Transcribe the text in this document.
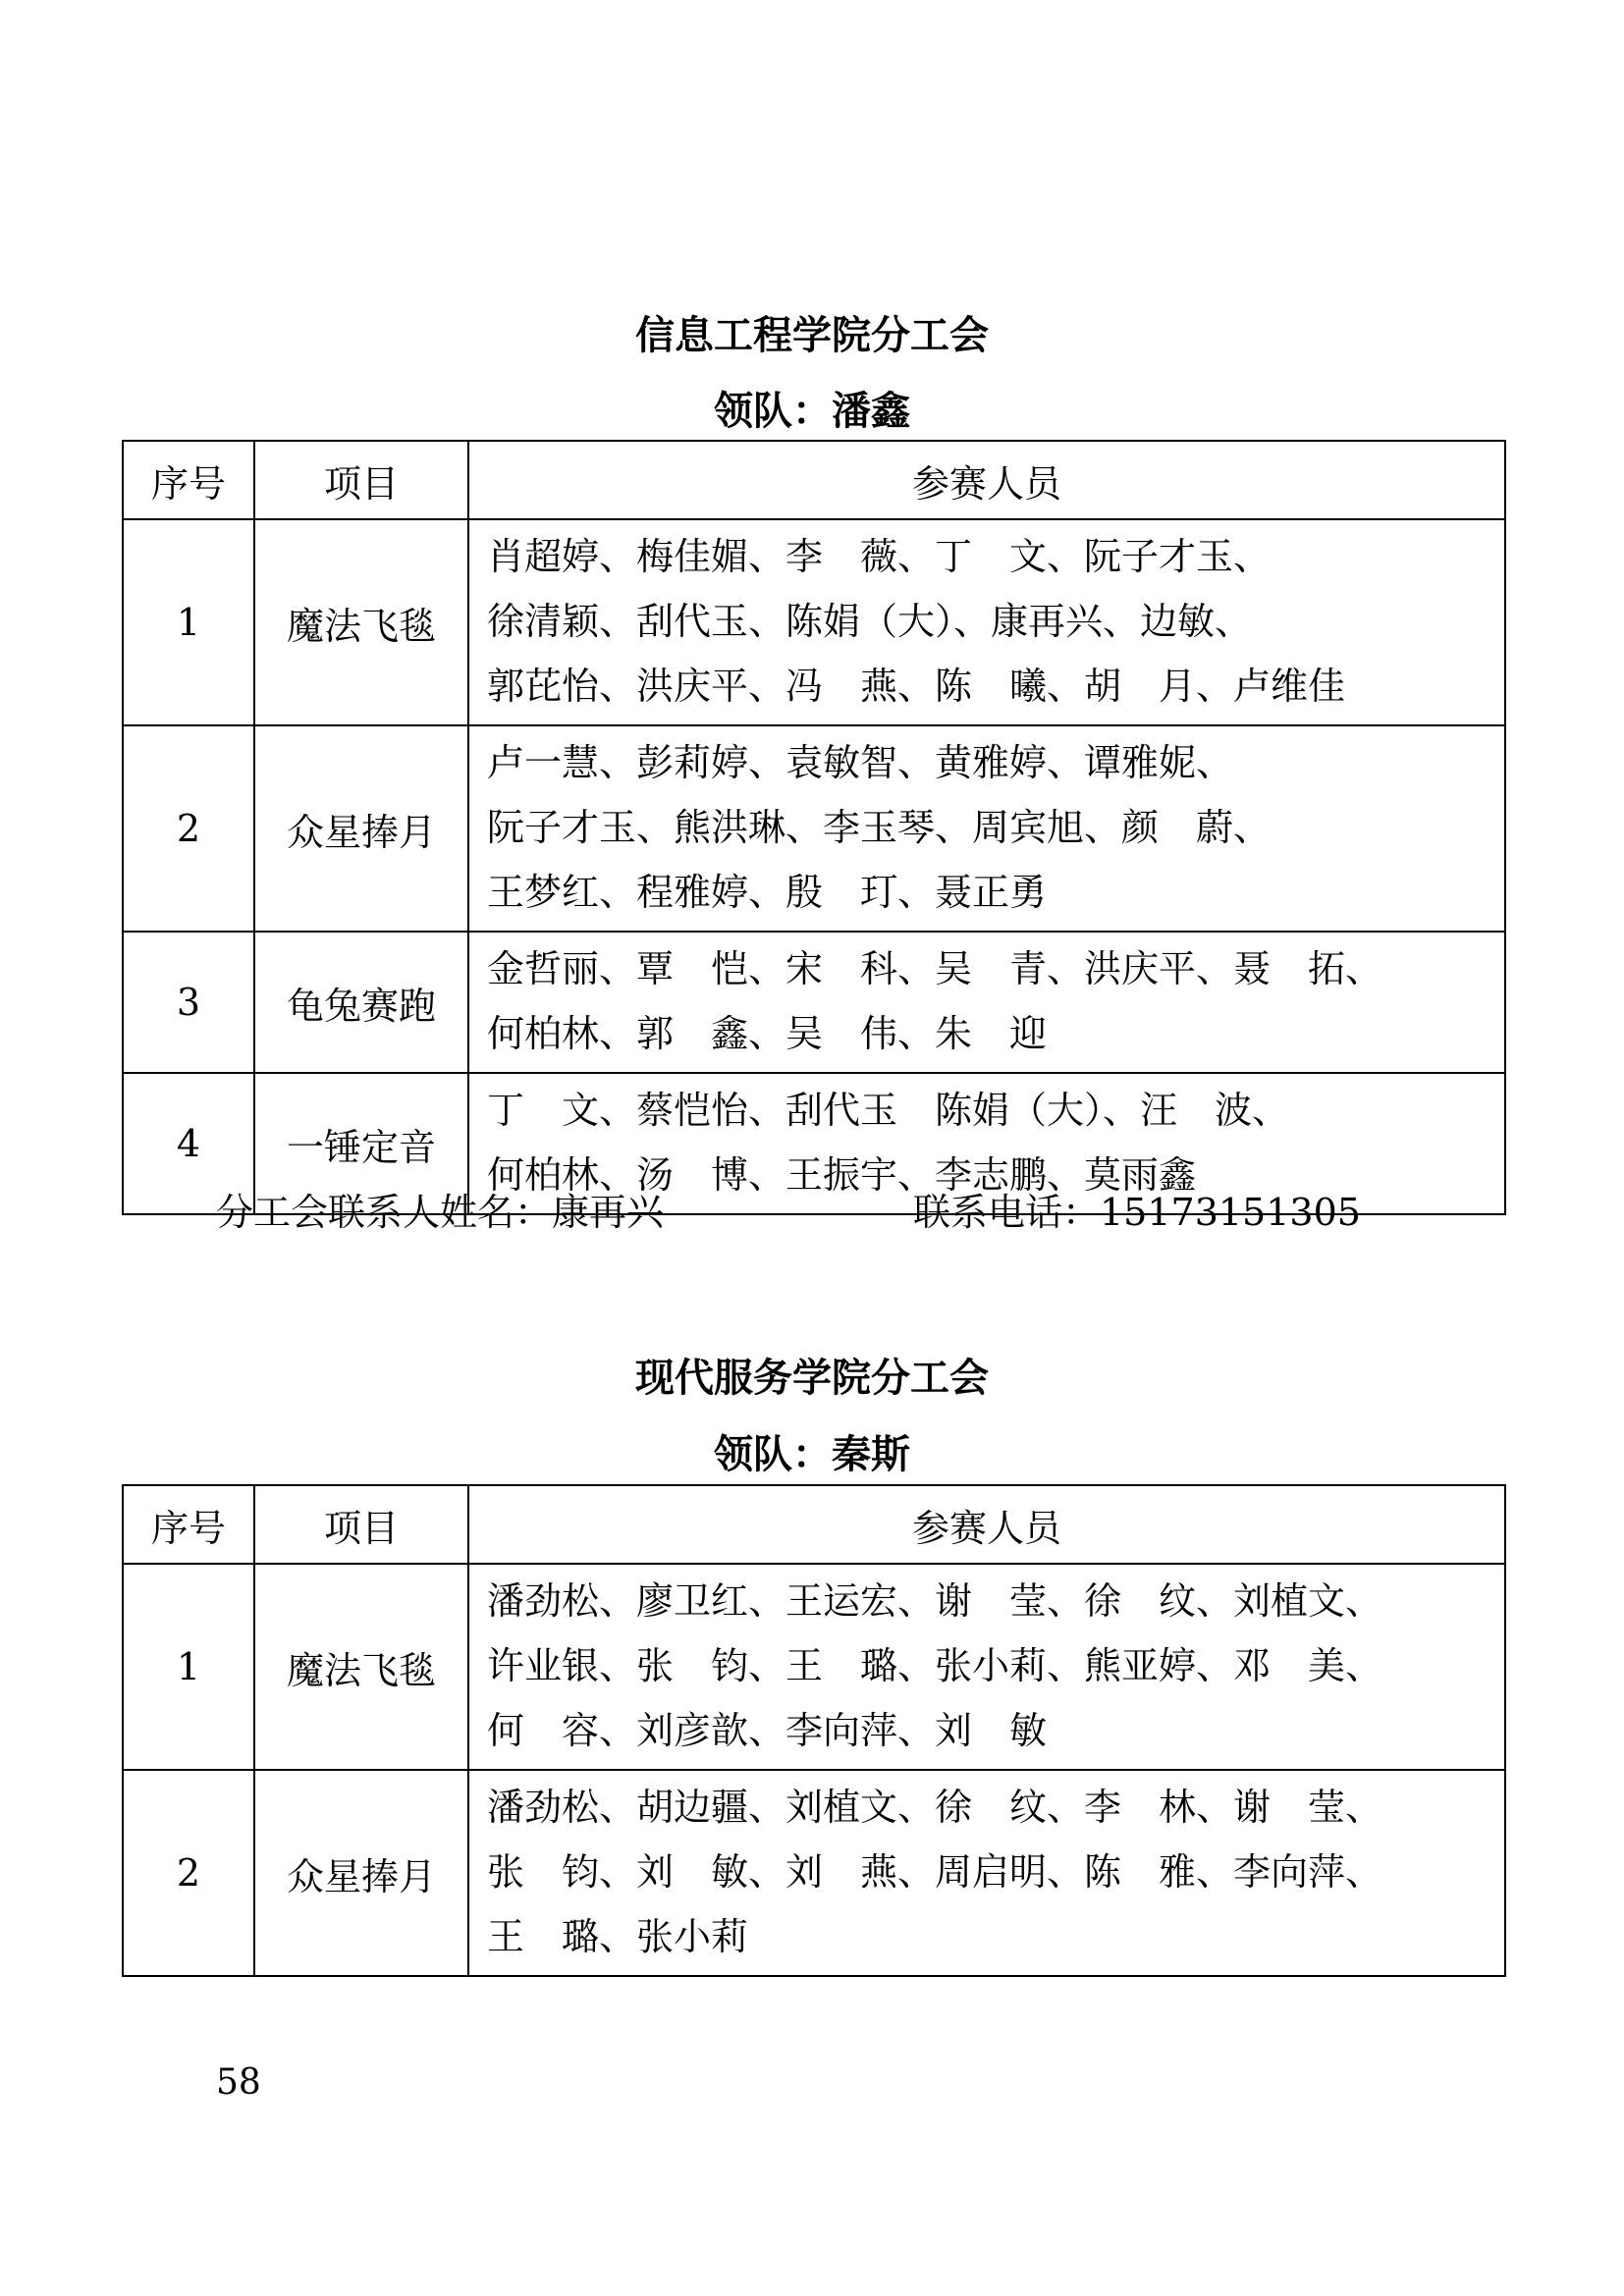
信息工程学院分工会
领队：潘鑫
序号	项目	参赛人员
1	魔法飞毯	肖超婷、梅佳媚、李　薇、丁　文、阮子才玉、
徐清颖、刮代玉、陈娟（大）、康再兴、边敏、
郭芘怡、洪庆平、冯　燕、陈　曦、胡　月、卢维佳

2	众星捧月	卢一慧、彭莉婷、袁敏智、黄雅婷、谭雅妮、
阮子才玉、熊洪琳、李玉琴、周宾旭、颜　蔚、
王梦红、程雅婷、殷　玎、聂正勇

3	龟兔赛跑	金哲丽、覃　恺、宋　科、吴　青、洪庆平、聂　拓、
何柏林、郭　鑫、吴　伟、朱　迎

4	一锤定音	丁　文、蔡恺怡、刮代玉　陈娟（大）、汪　波、
何柏林、汤　博、王振宇、李志鹏、莫雨鑫
分工会联系人姓名：康再兴	联系电话：15173151305
现代服务学院分工会
领队：秦斯
序号	项目	参赛人员
1	魔法飞毯	潘劲松、廖卫红、王运宏、谢　莹、徐　纹、刘植文、
许业银、张　钧、王　璐、张小莉、熊亚婷、邓　美、
何　容、刘彦歆、李向萍、刘　敏

2	众星捧月	潘劲松、胡边疆、刘植文、徐　纹、李　林、谢　莹、
张　钧、刘　敏、刘　燕、周启明、陈　雅、李向萍、
王　璐、张小莉
58
